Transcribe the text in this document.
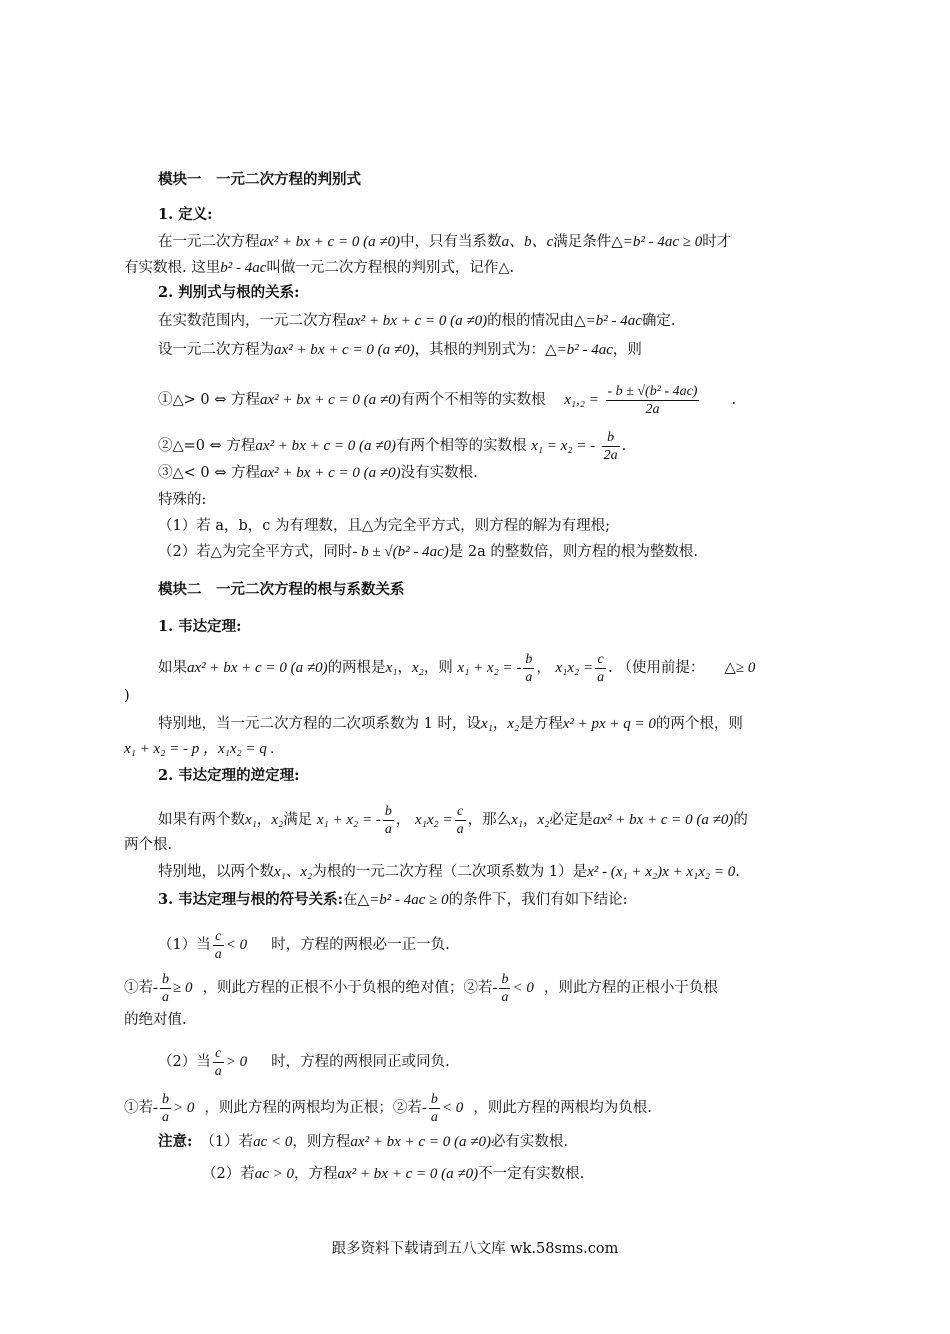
模块一　一元二次方程的判别式
1. 定义:
在一元二次方程ax² + bx + c = 0 (a ≠0)中，只有当系数a、b、c满足条件△=b² - 4ac ≥ 0时才
有实数根. 这里b² - 4ac叫做一元二次方程根的判别式，记作△.
2. 判别式与根的关系:
在实数范围内，一元二次方程ax² + bx + c = 0 (a ≠0)的根的情况由△=b² - 4ac确定.
设一元二次方程为ax² + bx + c = 0 (a ≠0)，其根的判别式为：△=b² - 4ac，则
①△> 0 ⇔ 方程ax² + bx + c = 0 (a ≠0)有两个不相等的实数根 $x_1,_2 = \frac{\text{- b ± √(b² - 4ac)}}{2a}$ .
②△=0 ⇔ 方程ax² + bx + c = 0 (a ≠0)有两个相等的实数根 x₁ = x₂ = - $\frac{b}{2a}$ .
③△< 0 ⇔ 方程ax² + bx + c = 0 (a ≠0)没有实数根.
特殊的:
（1）若 a，b，c 为有理数，且△为完全平方式，则方程的解为有理根;
（2）若△为完全平方式，同时- b ± √(b² - 4ac)是 2a 的整数倍，则方程的根为整数根.
模块二　一元二次方程的根与系数关系
1. 韦达定理:
如果ax² + bx + c = 0 (a ≠0)的两根是x₁，x₂，则 x₁ + x₂ = - $\frac{b}{a}$ ， $x_1x_2 = \frac{c}{a}$ . （使用前提： △≥ 0
)
特别地，当一元二次方程的二次项系数为 1 时，设x₁，x₂是方程x² + px + q = 0的两个根，则
x₁ + x₂ = - p ，x₁x₂ = q .
2. 韦达定理的逆定理:
如果有两个数x₁，x₂满足 x₁ + x₂ = - $\frac{b}{a}$ ， $x_1x_2 = \frac{c}{a}$ ，那么x₁，x₂必定是ax² + bx + c = 0 (a ≠0)的
两个根.
特别地，以两个数x₁、x₂为根的一元二次方程（二次项系数为 1）是x² - (x₁ + x₂)x + x₁x₂ = 0.
3. 韦达定理与根的符号关系:在△=b² - 4ac ≥ 0的条件下，我们有如下结论:
（1）当 $\frac{c}{a} < 0$ 时，方程的两根必一正一负.
①若- $\frac{b}{a} \ge 0$ ，则此方程的正根不小于负根的绝对值；②若- $\frac{b}{a} < 0$ ，则此方程的正根小于负根
的绝对值.
（2）当 $\frac{c}{a} > 0$ 时，方程的两根同正或同负.
①若- $\frac{b}{a} > 0$ ，则此方程的两根均为正根；②若- $\frac{b}{a} < 0$ ，则此方程的两根均为负根.
注意: （1）若ac < 0，则方程ax² + bx + c = 0 (a ≠0)必有实数根.
（2）若ac > 0，方程ax² + bx + c = 0 (a ≠0)不一定有实数根.
跟多资料下载请到五八文库 wk.58sms.com
